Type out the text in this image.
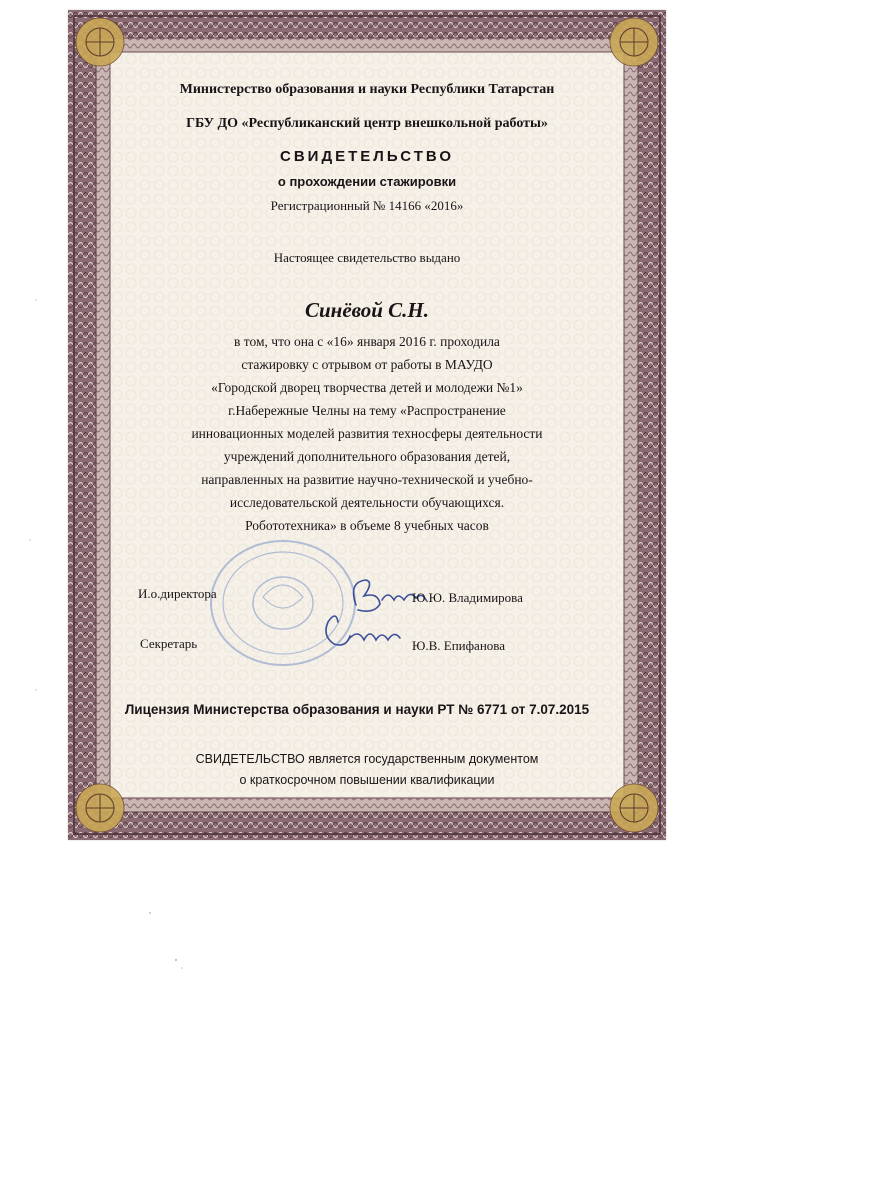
Министерство образования и науки Республики Татарстан
ГБУ ДО «Республиканский центр внешкольной работы»
СВИДЕТЕЛЬСТВО
о прохождении стажировки
Регистрационный № 14166 «2016»
Настоящее свидетельство выдано
Синёвой С.Н.
в том, что она с «16» января 2016 г. проходила
стажировку с отрывом от работы в МАУДО
«Городской дворец творчества детей и молодежи №1»
г.Набережные Челны на тему «Распространение
инновационных моделей развития техносферы деятельности
учреждений дополнительного образования детей,
направленных на развитие научно-технической и учебно-
исследовательской деятельности обучающихся.
Робототехника» в объеме 8 учебных часов
И.о.директора	Ю.Ю. Владимирова
Секретарь	Ю.В. Епифанова
Лицензия Министерства образования и науки РТ № 6771 от 7.07.2015
СВИДЕТЕЛЬСТВО является государственным документом
о краткосрочном повышении квалификации
